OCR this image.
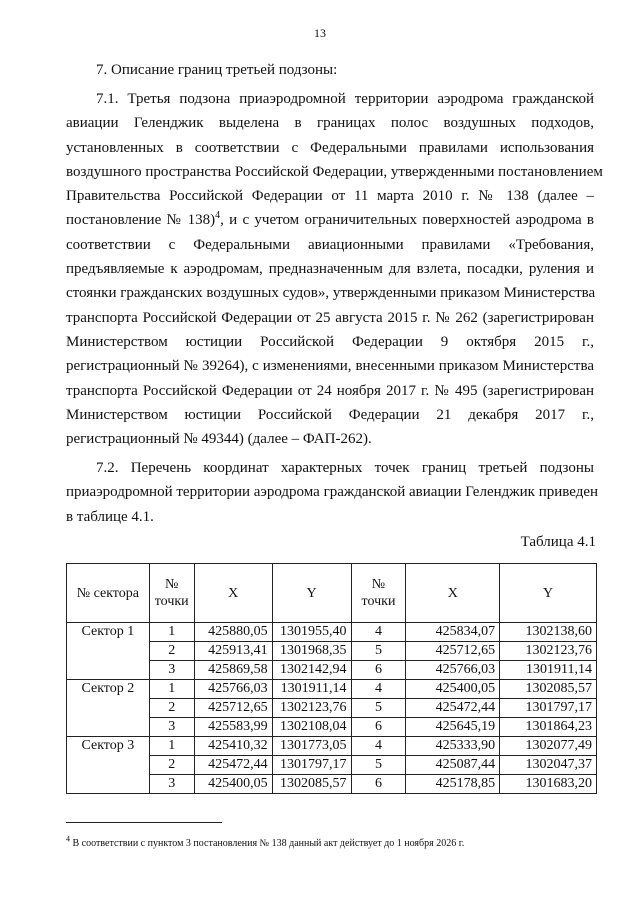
13
7. Описание границ третьей подзоны:
7.1. Третья подзона приаэродромной территории аэродрома гражданской
авиации Геленджик выделена в границах полос воздушных подходов,
установленных в соответствии с Федеральными правилами использования
воздушного пространства Российской Федерации, утвержденными постановлением
Правительства Российской Федерации от 11 марта 2010 г. № 138 (далее –
постановление № 138)$^4$, и с учетом ограничительных поверхностей аэродрома в
соответствии с Федеральными авиационными правилами «Требования,
предъявляемые к аэродромам, предназначенным для взлета, посадки, руления и
стоянки гражданских воздушных судов», утвержденными приказом Министерства
транспорта Российской Федерации от 25 августа 2015 г. № 262 (зарегистрирован
Министерством юстиции Российской Федерации 9 октября 2015 г.,
регистрационный № 39264), с изменениями, внесенными приказом Министерства
транспорта Российской Федерации от 24 ноября 2017 г. № 495 (зарегистрирован
Министерством юстиции Российской Федерации 21 декабря 2017 г.,
регистрационный № 49344) (далее – ФАП-262).
7.2. Перечень координат характерных точек границ третьей подзоны
приаэродромной территории аэродрома гражданской авиации Геленджик приведен
в таблице 4.1.
Таблица 4.1
№ сектора	№ точки	X	Y	№ точки	X	Y
Сектор 1	1	425880,05	1301955,40	4	425834,07	1302138,60
	2	425913,41	1301968,35	5	425712,65	1302123,76
	3	425869,58	1302142,94	6	425766,03	1301911,14
Сектор 2	1	425766,03	1301911,14	4	425400,05	1302085,57
	2	425712,65	1302123,76	5	425472,44	1301797,17
	3	425583,99	1302108,04	6	425645,19	1301864,23
Сектор 3	1	425410,32	1301773,05	4	425333,90	1302077,49
	2	425472,44	1301797,17	5	425087,44	1302047,37
	3	425400,05	1302085,57	6	425178,85	1301683,20
$^4$ В соответствии с пунктом 3 постановления № 138 данный акт действует до 1 ноября 2026 г.
